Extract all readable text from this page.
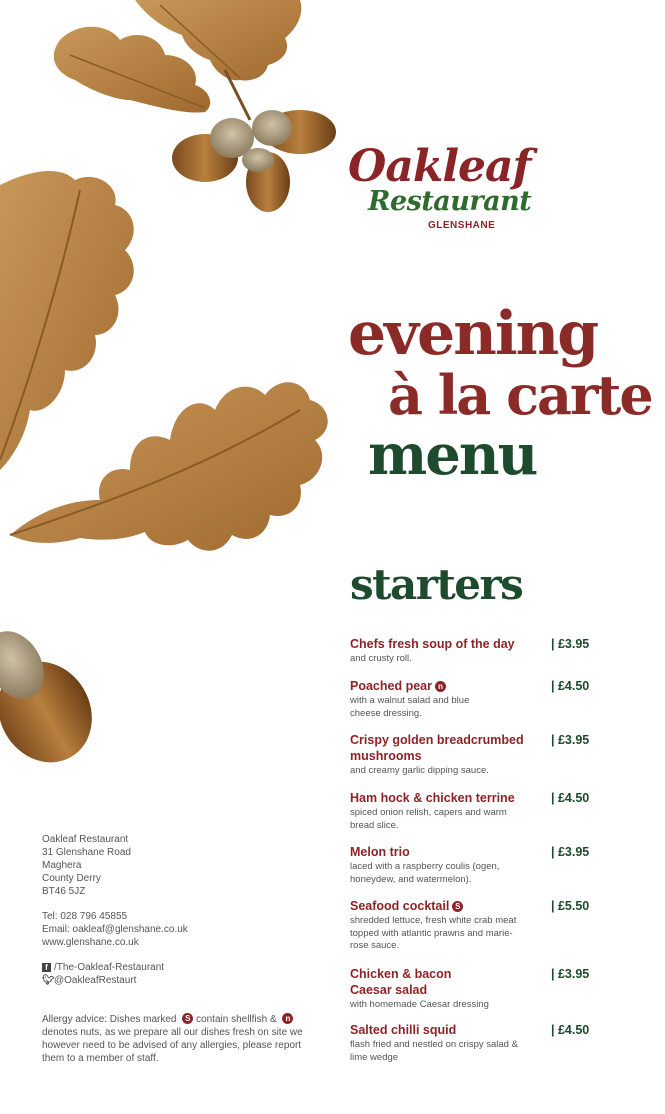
Oakleaf
Restaurant
GLENSHANE
evening
à la carte
menu
starters
Chefs fresh soup of the day
and crusty roll.
| £3.95
Poached pear n
with a walnut salad and blue cheese dressing.
| £4.50
Crispy golden breadcrumbed mushrooms
and creamy garlic dipping sauce.
| £3.95
Ham hock & chicken terrine
spiced onion relish, capers and warm bread slice.
| £4.50
Melon trio
laced with a raspberry coulis (ogen, honeydew, and watermelon).
| £3.95
Seafood cocktail S
shredded lettuce, fresh white crab meat topped with atlantic prawns and marie-rose sauce.
| £5.50
Chicken & bacon Caesar salad
with homemade Caesar dressing
| £3.95
Salted chilli squid
flash fried and nestled on crispy salad & lime wedge
| £4.50
Oakleaf Restaurant
31 Glenshane Road
Maghera
County Derry
BT46 5JZ
Tel: 028 796 45855
Email: oakleaf@glenshane.co.uk
www.glenshane.co.uk
f /The-Oakleaf-Restaurant
🐦︎@OakleafRestaurt
Allergy advice: Dishes marked S contain shellfish & n denotes nuts, as we prepare all our dishes fresh on site we however need to be advised of any allergies, please report them to a member of staff.
